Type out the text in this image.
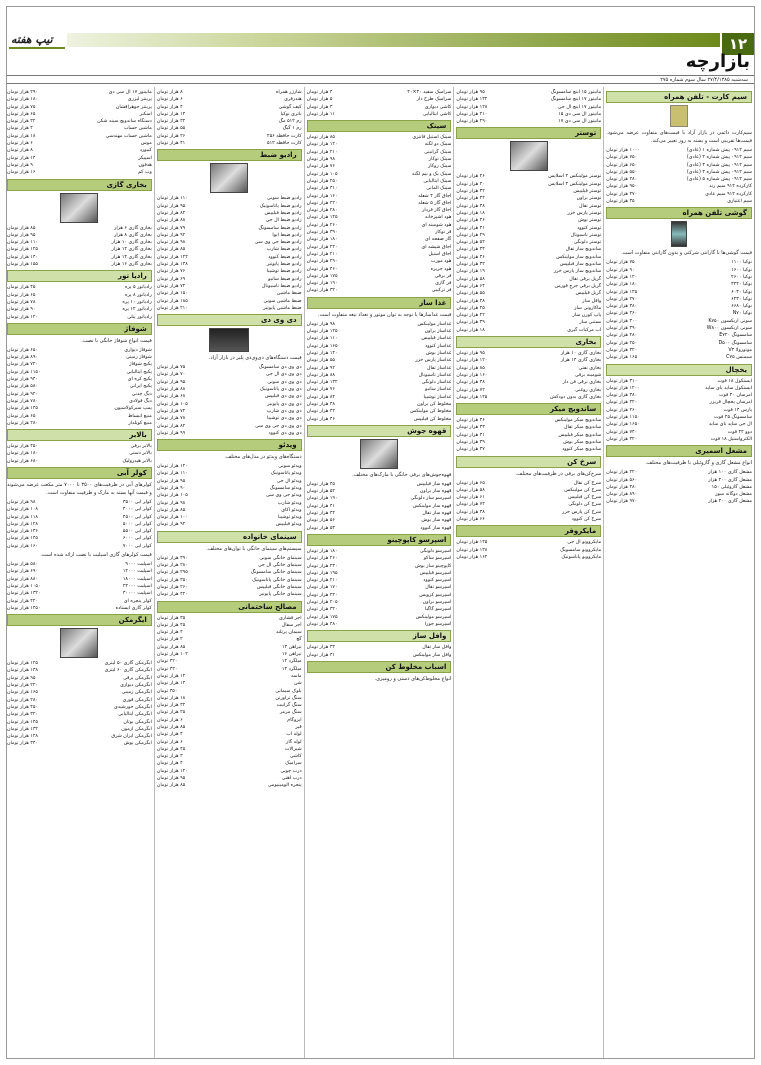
۱۲
تیپ هفته
بازارچه
سه‌شنبه ۲۷/۴/۱۳۸۵ سال سوم شماره ۲۷۵
سیم کارت - تلفن همراه
سیم‌کارت دائمی در بازار آزاد با قیمت‌های متفاوت عرضه می‌شود. قیمت‌ها تقریبی است و بسته به روز تغییر می‌کند.
سیم ۰۹۱۲ پیش شماره ۱ (عادی)
۱۰۰۰ هزار تومان
سیم ۰۹۱۲ پیش شماره ۲ (عادی)
۷۵۰ هزار تومان
سیم ۰۹۱۲ پیش شماره ۳ (عادی)
۶۵۰ هزار تومان
سیم ۰۹۱۲ پیش شماره ۴ (عادی)
۵۵۰ هزار تومان
سیم ۰۹۱۲ پیش شماره ۵ (عادی)
۴۸۰ هزار تومان
کارکرده ۹۱۲ سیم رند
۹۵۰ هزار تومان
کارکرده ۹۱۲ سیم عادی
۴۷۰ هزار تومان
سیم اعتباری
۳۵ هزار تومان
گوشی تلفن همراه
قیمت گوشی‌ها با گارانتی شرکتی و بدون گارانتی متفاوت است.
نوکیا ۱۱۰۰
۷۵ هزار تومان
نوکیا ۱۶۰۰
۹۰ هزار تومان
نوکیا ۲۶۰۰
۱۲۰ هزار تومان
نوکیا ۳۲۲۰
۱۸۰ هزار تومان
نوکیا ۶۰۳۰
۱۳۵ هزار تومان
نوکیا ۶۲۳۰
۲۷۰ هزار تومان
نوکیا ۶۶۸۰
۳۸۰ هزار تومان
نوکیا N۷۰
۴۶۰ هزار تومان
سونی اریکسون K۷۵۰
۳۰۰ هزار تومان
سونی اریکسون W۸۰۰
۳۹۰ هزار تومان
سامسونگ E۷۲۰
۲۸۰ هزار تومان
سامسونگ D۵۰۰
۲۵۰ هزار تومان
موتورولا V۳
۳۲۰ هزار تومان
سیمنس C۷۵
۱۶۵ هزار تومان
یخچال
ایستکول ۱۸ فوت
۳۱۰ هزار تومان
ایستکول ساید بای ساید
۱۲۰۰ هزار تومان
امرسان ۲۰ فوت
۳۸۰ هزار تومان
امرسان یخچال فریزر
۴۲۰ هزار تومان
پارس ۱۴ فوت
۲۶۰ هزار تومان
سامسونگ ۲۵ فوت
۱۱۵۰ هزار تومان
ال جی ساید بای ساید
۱۶۵۰ هزار تومان
دوو ۲۲ فوت
۷۴۰ هزار تومان
الکترواستیل ۱۸ فوت
۳۲۰ هزار تومان
مشعل اسمیری
انواع مشعل گازی و گازوئیلی با ظرفیت‌های مختلف.
مشعل گازی ۱۰۰ هزار
۴۲۰ هزار تومان
مشعل گازی ۲۰۰ هزار
۵۶۰ هزار تومان
مشعل گازوئیلی ۱۵۰
۴۸۰ هزار تومان
مشعل دوگانه سوز
۸۹۰ هزار تومان
مشعل گازی ۴۰۰ هزار
۹۷۰ هزار تومان
مانیتور ۱۵ اینچ سامسونگ
۹۵ هزار تومان
مانیتور ۱۷ اینچ سامسونگ
۱۳۲ هزار تومان
مانیتور ۱۷ اینچ ال جی
۱۲۸ هزار تومان
مانیتور ال سی دی ۱۵
۲۱۰ هزار تومان
مانیتور ال سی دی ۱۷
۲۹۰ هزار تومان
توستر
توستر مولینکس ۲ اسلایس
۲۶ هزار تومان
توستر مولینکس ۴ اسلایس
۴۰ هزار تومان
توستر فیلیپس
۳۲ هزار تومان
توستر براون
۴۴ هزار تومان
توستر تفال
۳۸ هزار تومان
توستر پارس خزر
۱۸ هزار تومان
توستر بوش
۴۶ هزار تومان
توستر کنوود
۴۱ هزار تومان
توستر ناسیونال
۲۹ هزار تومان
توستر دلونگی
۵۲ هزار تومان
ساندویچ ساز تفال
۳۴ هزار تومان
ساندویچ ساز مولینکس
۳۶ هزار تومان
ساندویچ ساز فیلیپس
۳۳ هزار تومان
ساندویچ ساز پارس خزر
۱۹ هزار تومان
گریل برقی تفال
۵۸ هزار تومان
گریل برقی جرج فورمن
۶۴ هزار تومان
گریل فیلیپس
۵۵ هزار تومان
وافل ساز
۲۸ هزار تومان
ماکارونی ساز
۴۵ هزار تومان
پاپ کورن ساز
۲۲ هزار تومان
بستنی ساز
۳۹ هزار تومان
آب مرکبات گیری
۱۸ هزار تومان
بخاری
بخاری گازی ۱۰ هزار
۹۵ هزار تومان
بخاری گازی ۱۴ هزار
۱۲۰ هزار تومان
بخاری نفتی
۸۵ هزار تومان
شومینه برقی
۱۶۰ هزار تومان
بخاری برقی فن دار
۳۸ هزار تومان
بخاری روغنی
۷۲ هزار تومان
بخاری گازی بدون دودکش
۱۴۵ هزار تومان
ساندویچ میکر
ساندویچ میکر مولینکس
۳۶ هزار تومان
ساندویچ میکر تفال
۳۳ هزار تومان
ساندویچ میکر فیلیپس
۳۱ هزار تومان
ساندویچ میکر بوش
۳۹ هزار تومان
ساندویچ میکر کنوود
۳۷ هزار تومان
سرخ کن
سرخ‌کن‌های برقی در ظرفیت‌های مختلف.
سرخ کن تفال
۶۵ هزار تومان
سرخ کن مولینکس
۵۸ هزار تومان
سرخ کن فیلیپس
۶۱ هزار تومان
سرخ کن دلونگی
۷۴ هزار تومان
سرخ کن پارس خزر
۳۸ هزار تومان
سرخ کن کنوود
۶۶ هزار تومان
مایکروفر
مایکروویو ال جی
۱۴۵ هزار تومان
مایکروویو سامسونگ
۱۳۸ هزار تومان
مایکروویو پاناسونیک
۱۶۲ هزار تومان
سرامیک سفید ۴۰×۴۰
۴ هزار تومان
سرامیک طرح دار
۵ هزار تومان
کاشی دیواری
۳ هزار تومان
کاشی ایتالیایی
۱۱ هزار تومان
سینک
سینک استیل فانتزی
۸۵ هزار تومان
سینک دو لگنه
۱۲۰ هزار تومان
سینک گرانیتی
۲۱۰ هزار تومان
سینک توکار
۹۸ هزار تومان
سینک روکار
۷۶ هزار تومان
سینک یک و نیم لگنه
۱۰۵ هزار تومان
سینک ایتالیایی
۲۵۰ هزار تومان
سینک آلمانی
۳۱۰ هزار تومان
اجاق گاز ۴ شعله
۱۶۰ هزار تومان
اجاق گاز ۵ شعله
۲۲۰ هزار تومان
اجاق گاز فردار
۲۸۰ هزار تومان
هود آشپزخانه
۱۴۵ هزار تومان
هود شومینه ای
۲۶۰ هزار تومان
فر توکار
۳۹۰ هزار تومان
گاز صفحه ای
۱۸۰ هزار تومان
اجاق شیشه ای
۲۴۰ هزار تومان
اجاق استیل
۲۱۰ هزار تومان
هود مورب
۲۹۰ هزار تومان
هود جزیره
۴۶۰ هزار تومان
فر برقی
۱۷۵ هزار تومان
فر گازی
۱۹۰ هزار تومان
فر ترکیبی
۳۲۰ هزار تومان
غذا ساز
قیمت غذاسازها با توجه به توان موتور و تعداد تیغه متفاوت است.
غذاساز مولینکس
۹۸ هزار تومان
غذاساز براون
۱۲۵ هزار تومان
غذاساز فیلیپس
۱۱۰ هزار تومان
غذاساز کنوود
۱۶۵ هزار تومان
غذاساز بوش
۱۴۰ هزار تومان
غذاساز پارس خزر
۵۵ هزار تومان
غذاساز تفال
۹۲ هزار تومان
غذاساز ناسیونال
۸۸ هزار تومان
غذاساز دلونگی
۱۳۲ هزار تومان
غذاساز سانیو
۷۶ هزار تومان
غذاساز توشیبا
۸۴ هزار تومان
مخلوط کن براون
۴۸ هزار تومان
مخلوط کن مولینکس
۴۲ هزار تومان
مخلوط کن فیلیپس
۴۶ هزار تومان
قهوه جوش
قهوه‌جوش‌های برقی خانگی با مارک‌های مختلف.
قهوه ساز فیلیپس
۴۵ هزار تومان
قهوه ساز براون
۵۲ هزار تومان
اسپرسو ساز دلونگی
۱۹۰ هزار تومان
قهوه ساز مولینکس
۴۱ هزار تومان
قهوه ساز تفال
۴۴ هزار تومان
قهوه ساز بوش
۵۶ هزار تومان
قهوه ساز کنوود
۵۳ هزار تومان
اسپرسو کاپوچینو
اسپرسو دلونگی
۱۸۰ هزار تومان
اسپرسو ساکو
۲۶۰ هزار تومان
کاپوچینو ساز بوش
۲۳۰ هزار تومان
اسپرسو فیلیپس
۱۹۵ هزار تومان
اسپرسو کنوود
۲۱۰ هزار تومان
اسپرسو تفال
۱۷۰ هزار تومان
اسپرسو کروپس
۲۴۰ هزار تومان
اسپرسو براون
۲۰۵ هزار تومان
اسپرسو گاگیا
۳۲۰ هزار تومان
اسپرسو مولینکس
۱۷۵ هزار تومان
اسپرسو جورا
۴۸۰ هزار تومان
وافل ساز
وافل ساز تفال
۳۴ هزار تومان
وافل ساز مولینکس
۳۱ هزار تومان
اسباب مخلوط کن
انواع مخلوط‌کن‌های دستی و رومیزی.
شارژر همراه
۸ هزار تومان
هندزفری
۶ هزار تومان
کیف گوشی
۴ هزار تومان
باتری نوکیا
۱۴ هزار تومان
رم ۵۱۲ مگ
۳۲ هزار تومان
رم ۱ گیگ
۵۵ هزار تومان
کارت حافظه ۲۵۶
۲۶ هزار تومان
کارت حافظه ۵۱۲
۴۱ هزار تومان
رادیو ضبط
رادیو ضبط سونی
۱۱۰ هزار تومان
رادیو ضبط پاناسونیک
۹۵ هزار تومان
رادیو ضبط فیلیپس
۸۲ هزار تومان
رادیو ضبط ال جی
۸۸ هزار تومان
رادیو ضبط سامسونگ
۷۹ هزار تومان
رادیو ضبط آیوا
۹۲ هزار تومان
رادیو ضبط جی وی سی
۹۸ هزار تومان
رادیو ضبط شارپ
۸۵ هزار تومان
رادیو ضبط کنوود
۱۲۴ هزار تومان
رادیو ضبط پایونیر
۱۳۸ هزار تومان
رادیو ضبط توشیبا
۷۶ هزار تومان
رادیو ضبط سانیو
۶۹ هزار تومان
رادیو ضبط ناسیونال
۷۲ هزار تومان
ضبط ماشین
۱۵۰ هزار تومان
ضبط ماشین سونی
۱۸۵ هزار تومان
ضبط ماشین پایونیر
۲۱۰ هزار تومان
دی وی دی
قیمت دستگاه‌های دی‌وی‌دی پلیر در بازار آزاد.
دی وی دی سامسونگ
۷۵ هزار تومان
دی وی دی ال جی
۷۰ هزار تومان
دی وی دی سونی
۹۵ هزار تومان
دی وی دی پاناسونیک
۸۸ هزار تومان
دی وی دی فیلیپس
۶۸ هزار تومان
دی وی دی پایونیر
۱۰۵ هزار تومان
دی وی دی شارپ
۷۲ هزار تومان
دی وی دی توشیبا
۷۸ هزار تومان
دی وی دی جی وی سی
۸۲ هزار تومان
دی وی دی کنوود
۹۹ هزار تومان
ویدئو
دستگاه‌های ویدئو در مدل‌های مختلف.
ویدئو سونی
۱۲۰ هزار تومان
ویدئو پاناسونیک
۱۱۰ هزار تومان
ویدئو ال جی
۹۵ هزار تومان
ویدئو سامسونگ
۹۰ هزار تومان
ویدئو جی وی سی
۱۰۵ هزار تومان
ویدئو شارپ
۹۸ هزار تومان
ویدئو آکای
۸۵ هزار تومان
ویدئو توشیبا
۱۰۰ هزار تومان
ویدئو فیلیپس
۹۲ هزار تومان
سینمای خانواده
سیستم‌های سینمای خانگی با توان‌های مختلف.
سینمای خانگی سونی
۳۹۰ هزار تومان
سینمای خانگی ال جی
۲۸۰ هزار تومان
سینمای خانگی سامسونگ
۲۹۵ هزار تومان
سینمای خانگی پاناسونیک
۳۵۰ هزار تومان
سینمای خانگی فیلیپس
۲۶۰ هزار تومان
سینمای خانگی پایونیر
۴۲۰ هزار تومان
مصالح ساختمانی
آجر فشاری
۳۵ هزار تومان
آجر سفال
۴۵ هزار تومان
سیمان پرتلند
۴ هزار تومان
گچ
۲ هزار تومان
تیرآهن ۱۴
۸۵ هزار تومان
تیرآهن ۱۶
۱۰۲ هزار تومان
میلگرد ۱۲
۴۲۰ تومان
میلگرد ۱۴
۴۳۰ تومان
ماسه
۱۲ هزار تومان
شن
۱۴ هزار تومان
بلوک سیمانی
۳۵۰ تومان
سنگ تراورتن
۱۸ هزار تومان
سنگ گرانیت
۳۲ هزار تومان
سنگ مرمر
۲۵ هزار تومان
ایزوگام
۶ هزار تومان
قیر
۸۵ هزار تومان
لوله آب
۴ هزار تومان
لوله گاز
۶ هزار تومان
شیرآلات
۴۵ هزار تومان
کاشی
۳ هزار تومان
سرامیک
۴ هزار تومان
درب چوبی
۱۲۰ هزار تومان
درب آهنی
۹۵ هزار تومان
پنجره آلومینیومی
۸۵ هزار تومان
مانیتور ۱۷ ال سی دی
۲۹۰ هزار تومان
پرینتر لیزری
۱۸۰ هزار تومان
پرینتر جوهرافشان
۷۵ هزار تومان
اسکنر
۶۵ هزار تومان
دستگاه ساندویچ سینه شکن
۳۲ هزار تومان
ماشین حساب
۴ هزار تومان
ماشین حساب مهندسی
۱۸ هزار تومان
موس
۶ هزار تومان
کیبورد
۸ هزار تومان
اسپیکر
۱۴ هزار تومان
هدفون
۹ هزار تومان
وب کم
۱۶ هزار تومان
بخاری گازی
بخاری گازی ۶ هزار
۸۵ هزار تومان
بخاری گازی ۸ هزار
۹۵ هزار تومان
بخاری گازی ۱۰ هزار
۱۱۰ هزار تومان
بخاری گازی ۱۲ هزار
۱۲۵ هزار تومان
بخاری گازی ۱۴ هزار
۱۴۰ هزار تومان
بخاری گازی ۱۶ هزار
۱۵۵ هزار تومان
راديا تور
رادیاتور ۵ پره
۴۵ هزار تومان
رادیاتور ۸ پره
۶۵ هزار تومان
رادیاتور ۱۰ پره
۷۸ هزار تومان
رادیاتور ۱۲ پره
۹۰ هزار تومان
رادیاتور پنلی
۱۲۰ هزار تومان
شوفاژ
قیمت انواع شوفاژ خانگی با نصب.
شوفاژ دیواری
۶۵۰ هزار تومان
شوفاژ زمینی
۸۹۰ هزار تومان
پکیج شوفاژ
۷۲۰ هزار تومان
پکیج ایتالیایی
۱۱۵۰ هزار تومان
پکیج کره ای
۹۴۰ هزار تومان
پکیج ایرانی
۵۸۰ هزار تومان
دیگ چدنی
۹۲۰ هزار تومان
دیگ فولادی
۷۸۰ هزار تومان
پمپ سیرکولاسیون
۱۴۵ هزار تومان
منبع انبساط
۶۵ هزار تومان
منبع کویلدار
۲۸۰ هزار تومان
بالابر
بالابر برقی
۴۵۰ هزار تومان
بالابر دستی
۱۸۰ هزار تومان
بالابر هیدرولیک
۶۸۰ هزار تومان
کولر آبی
کولرهای آبی در ظرفیت‌های ۳۵۰۰ تا ۷۰۰۰ متر مکعب عرضه می‌شوند و قیمت آنها بسته به مارک و ظرفیت متفاوت است.
کولر آبی ۳۵۰۰
۹۸ هزار تومان
کولر آبی ۴۰۰۰
۱۰۸ هزار تومان
کولر آبی ۴۵۰۰
۱۱۸ هزار تومان
کولر آبی ۵۰۰۰
۱۲۸ هزار تومان
کولر آبی ۵۵۰۰
۱۳۶ هزار تومان
کولر آبی ۶۰۰۰
۱۴۵ هزار تومان
کولر آبی ۷۰۰۰
۱۶۰ هزار تومان
قیمت کولرهای گازی اسپلیت با نصب ارائه شده است.
اسپلیت ۹۰۰۰
۵۸۰ هزار تومان
اسپلیت ۱۲۰۰۰
۶۹۰ هزار تومان
اسپلیت ۱۸۰۰۰
۸۸۰ هزار تومان
اسپلیت ۲۴۰۰۰
۱۰۵۰ هزار تومان
اسپلیت ۳۰۰۰۰
۱۳۲۰ هزار تومان
کولر پنجره ای
۴۲۰ هزار تومان
کولر گازی ایستاده
۱۴۵۰ هزار تومان
ایگرمکن
آبگرمکن گازی ۵۰ لیتری
۱۲۵ هزار تومان
آبگرمکن گازی ۶۰ لیتری
۱۳۸ هزار تومان
آبگرمکن برقی
۹۵ هزار تومان
آبگرمکن دیواری
۲۲۰ هزار تومان
آبگرمکن زمینی
۱۶۵ هزار تومان
آبگرمکن فوری
۲۸۰ هزار تومان
آبگرمکن خورشیدی
۴۵۰ هزار تومان
آبگرمکن ایتالیایی
۳۲۰ هزار تومان
آبگرمکن بوتان
۱۴۵ هزار تومان
آبگرمکن آزمون
۱۳۲ هزار تومان
آبگرمکن ایران شرق
۱۲۸ هزار تومان
آبگرمکن بوش
۳۴۰ هزار تومان
